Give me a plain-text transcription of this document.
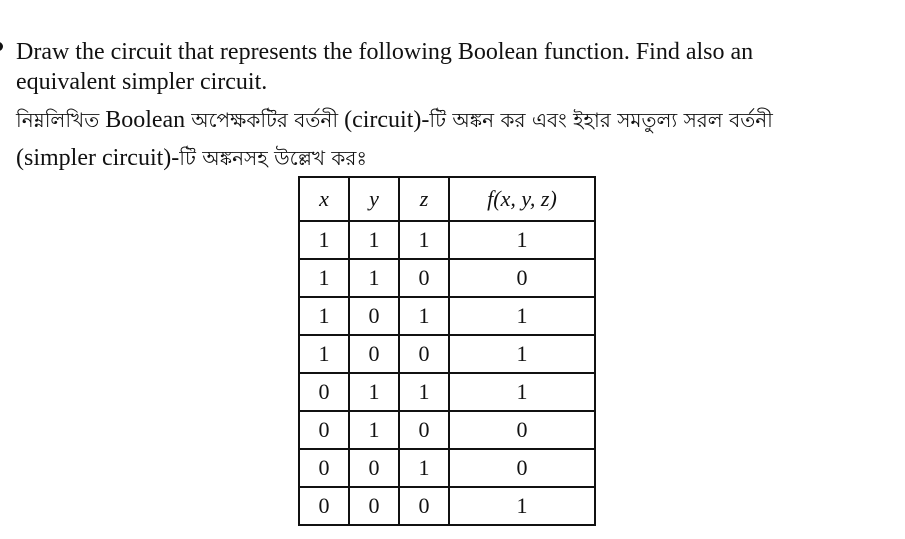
Draw the circuit that represents the following Boolean function. Find also an
equivalent simpler circuit.
নিম্নলিখিত Boolean অপেক্ষকটির বর্তনী (circuit)-টি অঙ্কন কর এবং ইহার সমতুল্য সরল বর্তনী
(simpler circuit)-টি অঙ্কনসহ উল্লেখ করঃ
x	y	z	f(x, y, z)
1	1	1	1
1	1	0	0
1	0	1	1
1	0	0	1
0	1	1	1
0	1	0	0
0	0	1	0
0	0	0	1
